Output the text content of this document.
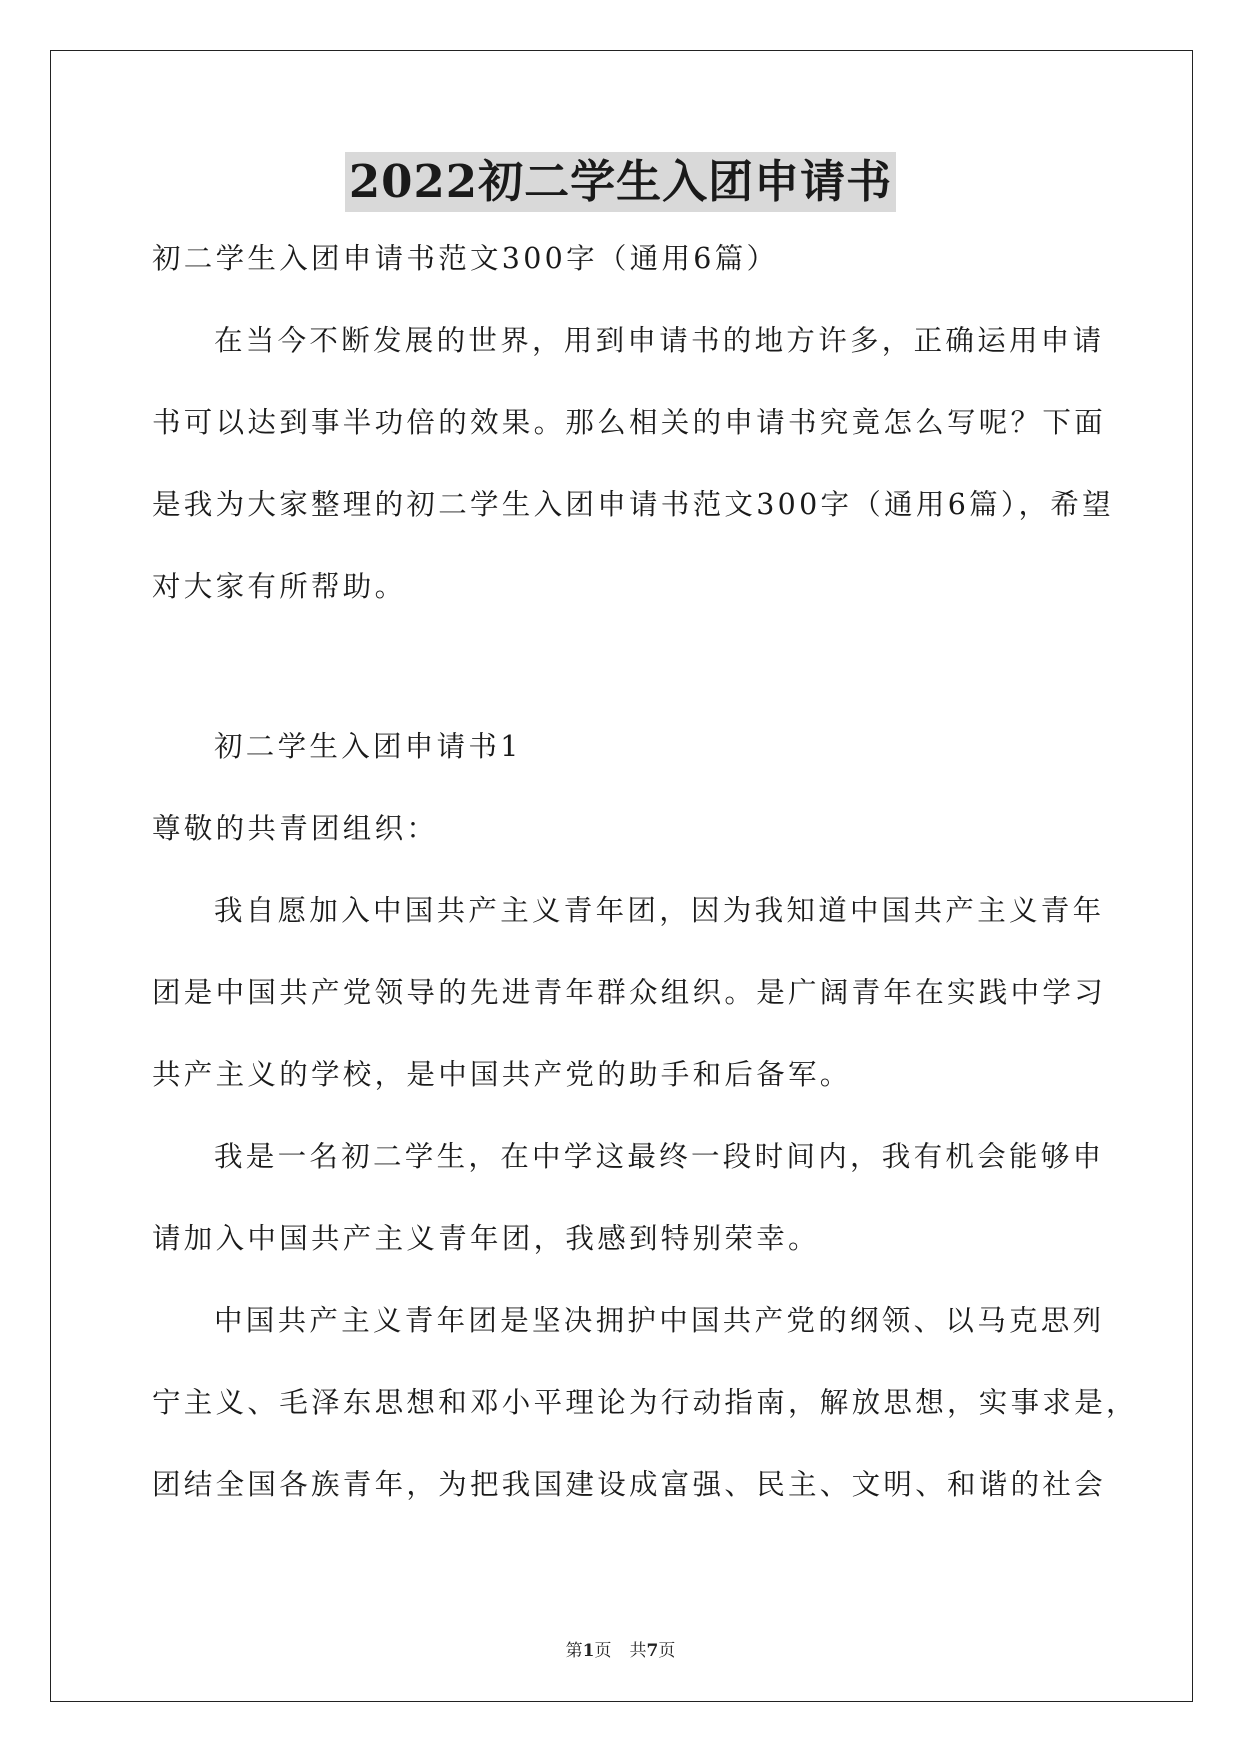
2022初二学生入团申请书
初二学生入团申请书范文300字（通用6篇）
在当今不断发展的世界，用到申请书的地方许多，正确运用申请
书可以达到事半功倍的效果。那么相关的申请书究竟怎么写呢？下面
是我为大家整理的初二学生入团申请书范文300字（通用6篇），希望
对大家有所帮助。
初二学生入团申请书1
尊敬的共青团组织：
我自愿加入中国共产主义青年团，因为我知道中国共产主义青年
团是中国共产党领导的先进青年群众组织。是广阔青年在实践中学习
共产主义的学校，是中国共产党的助手和后备军。
我是一名初二学生，在中学这最终一段时间内，我有机会能够申
请加入中国共产主义青年团，我感到特别荣幸。
中国共产主义青年团是坚决拥护中国共产党的纲领、以马克思列
宁主义、毛泽东思想和邓小平理论为行动指南，解放思想，实事求是，
团结全国各族青年，为把我国建设成富强、民主、文明、和谐的社会
第1页 共7页
